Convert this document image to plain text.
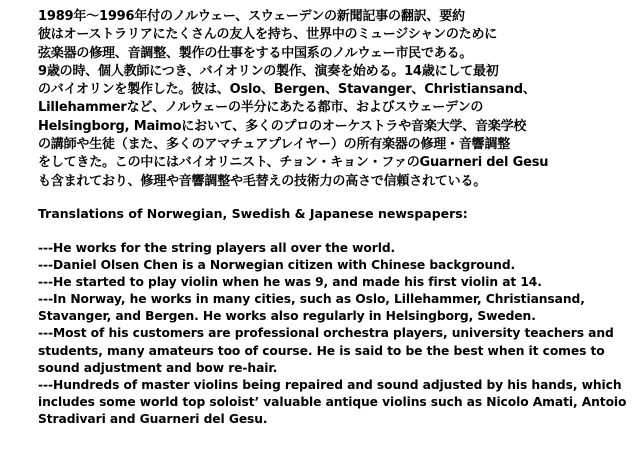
1989年〜1996年付のノルウェー、スウェーデンの新聞記事の翻訳、要約
彼はオーストラリアにたくさんの友人を持ち、世界中のミュージシャンのために
弦楽器の修理、音調整、製作の仕事をする中国系のノルウェー市民である。
9歳の時、個人教師につき、バイオリンの製作、演奏を始める。14歳にして最初
のバイオリンを製作した。彼は、Oslo、Bergen、Stavanger、Christiansand、
Lillehammerなど、ノルウェーの半分にあたる都市、およびスウェーデンの
Helsingborg, Maimoにおいて、多くのプロのオーケストラや音楽大学、音楽学校
の講師や生徒（また、多くのアマチュアプレイヤー）の所有楽器の修理・音響調整
をしてきた。この中にはバイオリニスト、チョン・キョン・ファのGuarneri del Gesu
も含まれており、修理や音響調整や毛替えの技術力の高さで信頼されている。
Translations of Norwegian, Swedish & Japanese newspapers:
---He works for the string players all over the world.
---Daniel Olsen Chen is a Norwegian citizen with Chinese background.
---He started to play violin when he was 9, and made his first violin at 14.
---In Norway, he works in many cities, such as Oslo, Lillehammer, Christiansand,
Stavanger, and Bergen. He works also regularly in Helsingborg, Sweden.
---Most of his customers are professional orchestra players, university teachers and
students, many amateurs too of course. He is said to be the best when it comes to
sound adjustment and bow re-hair.
---Hundreds of master violins being repaired and sound adjusted by his hands, which
includes some world top soloist’ valuable antique violins such as Nicolo Amati, Antoio
Stradivari and Guarneri del Gesu.
